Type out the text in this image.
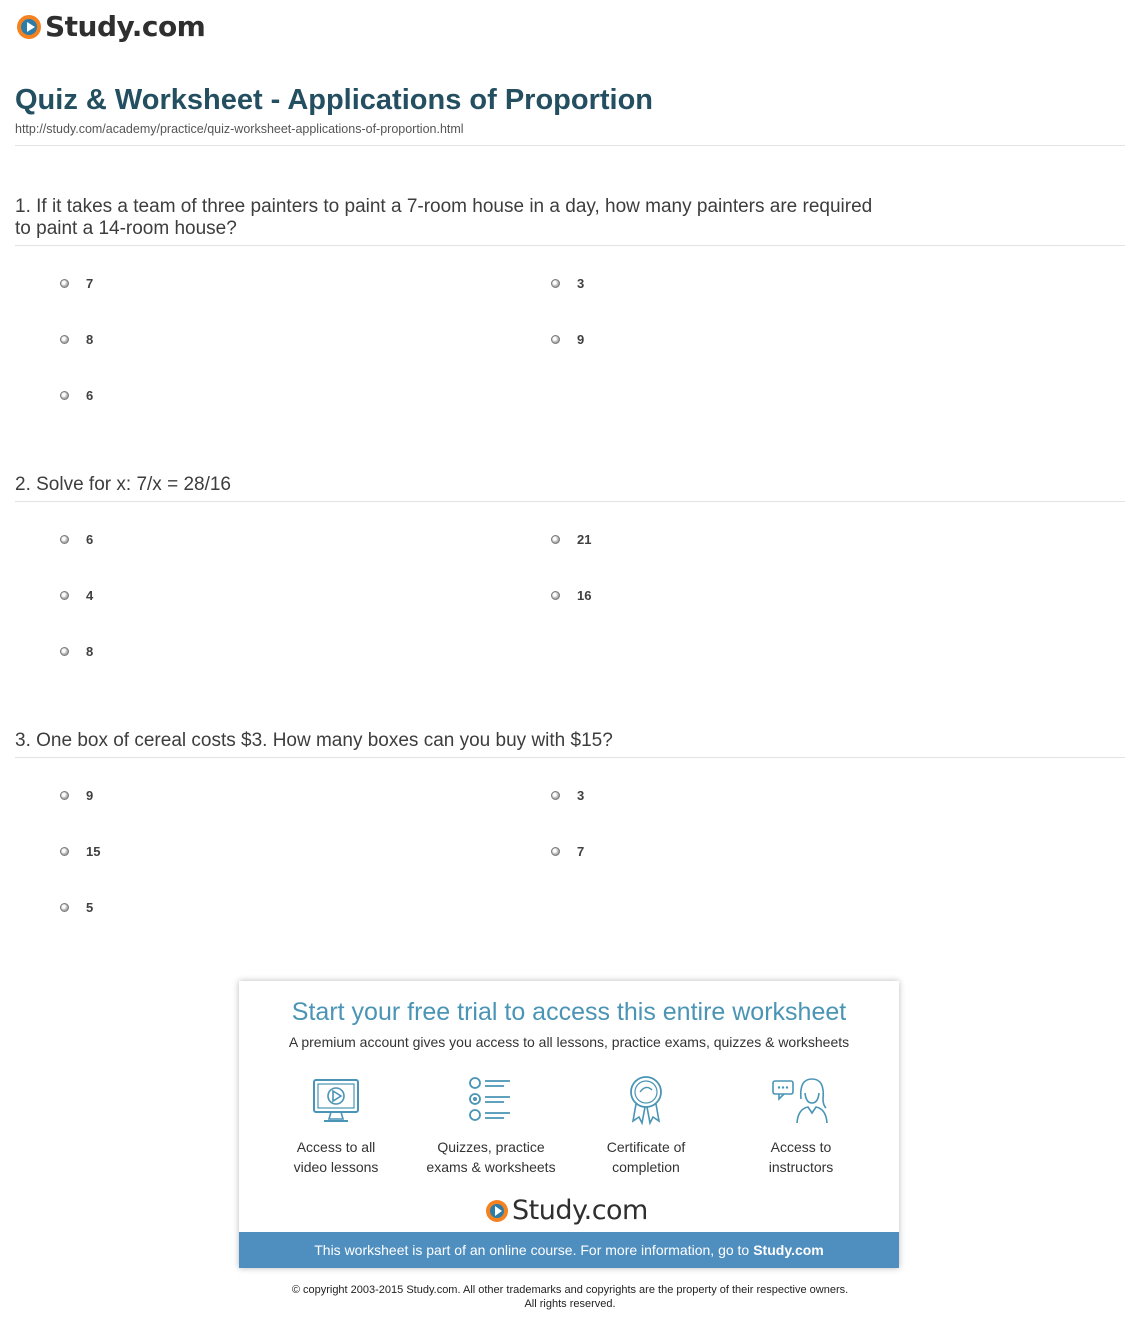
Study.com
Quiz & Worksheet - Applications of Proportion
http://study.com/academy/practice/quiz-worksheet-applications-of-proportion.html
1. If it takes a team of three painters to paint a 7-room house in a day, how many painters are required to paint a 14-room house?
7	3
8	9
6
2. Solve for x: 7/x = 28/16
6	21
4	16
8
3. One box of cereal costs $3. How many boxes can you buy with $15?
9	3
15	7
5
Start your free trial to access this entire worksheet
A premium account gives you access to all lessons, practice exams, quizzes & worksheets
Access to all
video lessons
Quizzes, practice
exams & worksheets
Certificate of
completion
Access to
instructors
Study.com
This worksheet is part of an online course. For more information, go to Study.com
© copyright 2003-2015 Study.com. All other trademarks and copyrights are the property of their respective owners.
All rights reserved.
